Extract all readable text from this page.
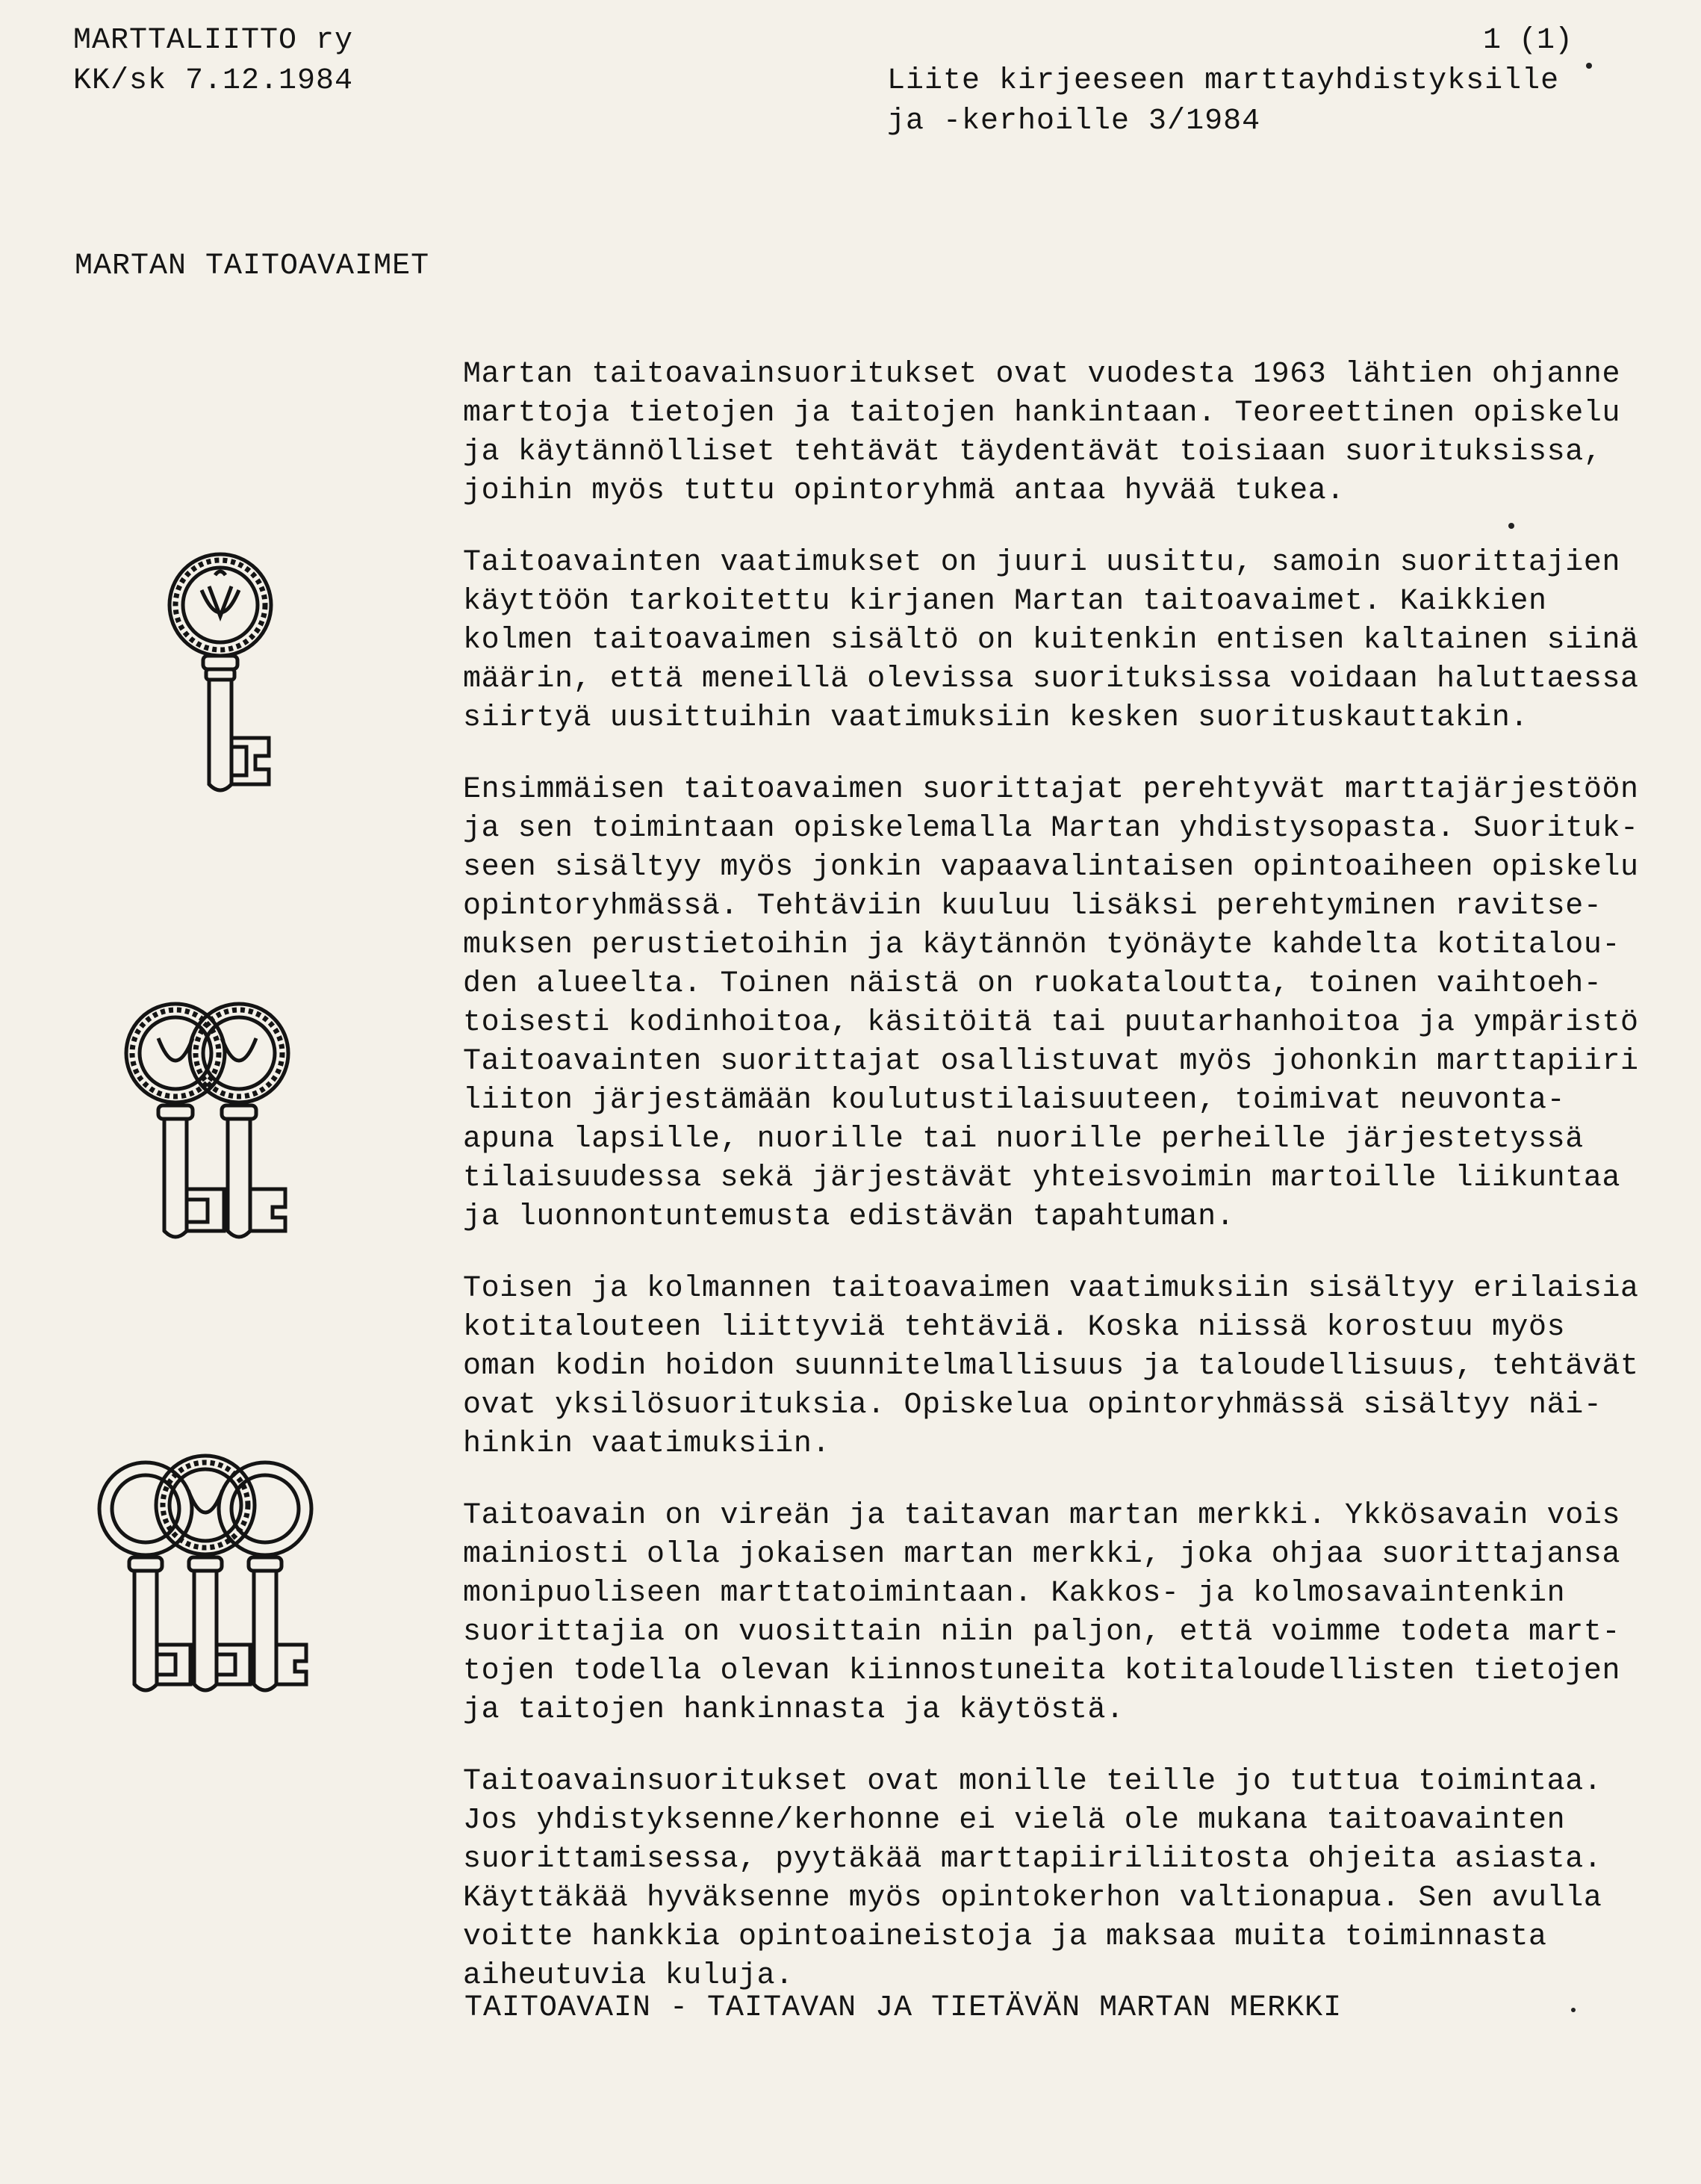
MARTTALIITTO ry
KK/sk 7.12.1984
1 (1)
Liite kirjeeseen marttayhdistyksille
ja -kerhoille 3/1984
MARTAN TAITOAVAIMET
Martan taitoavainsuoritukset ovat vuodesta 1963 lähtien ohjanne
marttoja tietojen ja taitojen hankintaan. Teoreettinen opiskelu
ja käytännölliset tehtävät täydentävät toisiaan suorituksissa,
joihin myös tuttu opintoryhmä antaa hyvää tukea.
Taitoavainten vaatimukset on juuri uusittu, samoin suorittajien
käyttöön tarkoitettu kirjanen Martan taitoavaimet. Kaikkien
kolmen taitoavaimen sisältö on kuitenkin entisen kaltainen siinä
määrin, että meneillä olevissa suorituksissa voidaan haluttaessa
siirtyä uusittuihin vaatimuksiin kesken suorituskauttakin.
Ensimmäisen taitoavaimen suorittajat perehtyvät marttajärjestöön
ja sen toimintaan opiskelemalla Martan yhdistysopasta. Suorituk-
seen sisältyy myös jonkin vapaavalintaisen opintoaiheen opiskelu
opintoryhmässä. Tehtäviin kuuluu lisäksi perehtyminen ravitse-
muksen perustietoihin ja käytännön työnäyte kahdelta kotitalou-
den alueelta. Toinen näistä on ruokataloutta, toinen vaihtoeh-
toisesti kodinhoitoa, käsitöitä tai puutarhanhoitoa ja ympäristö
Taitoavainten suorittajat osallistuvat myös johonkin marttapiiri
liiton järjestämään koulutustilaisuuteen, toimivat neuvonta-
apuna lapsille, nuorille tai nuorille perheille järjestetyssä
tilaisuudessa sekä järjestävät yhteisvoimin martoille liikuntaa
ja luonnontuntemusta edistävän tapahtuman.
Toisen ja kolmannen taitoavaimen vaatimuksiin sisältyy erilaisia
kotitalouteen liittyviä tehtäviä. Koska niissä korostuu myös
oman kodin hoidon suunnitelmallisuus ja taloudellisuus, tehtävät
ovat yksilösuorituksia. Opiskelua opintoryhmässä sisältyy näi-
hinkin vaatimuksiin.
Taitoavain on vireän ja taitavan martan merkki. Ykkösavain vois
mainiosti olla jokaisen martan merkki, joka ohjaa suorittajansa
monipuoliseen marttatoimintaan. Kakkos- ja kolmosavaintenkin
suorittajia on vuosittain niin paljon, että voimme todeta mart-
tojen todella olevan kiinnostuneita kotitaloudellisten tietojen
ja taitojen hankinnasta ja käytöstä.
Taitoavainsuoritukset ovat monille teille jo tuttua toimintaa.
Jos yhdistyksenne/kerhonne ei vielä ole mukana taitoavainten
suorittamisessa, pyytäkää marttapiiriliitosta ohjeita asiasta.
Käyttäkää hyväksenne myös opintokerhon valtionapua. Sen avulla
voitte hankkia opintoaineistoja ja maksaa muita toiminnasta
aiheutuvia kuluja.
TAITOAVAIN - TAITAVAN JA TIETÄVÄN MARTAN MERKKI
